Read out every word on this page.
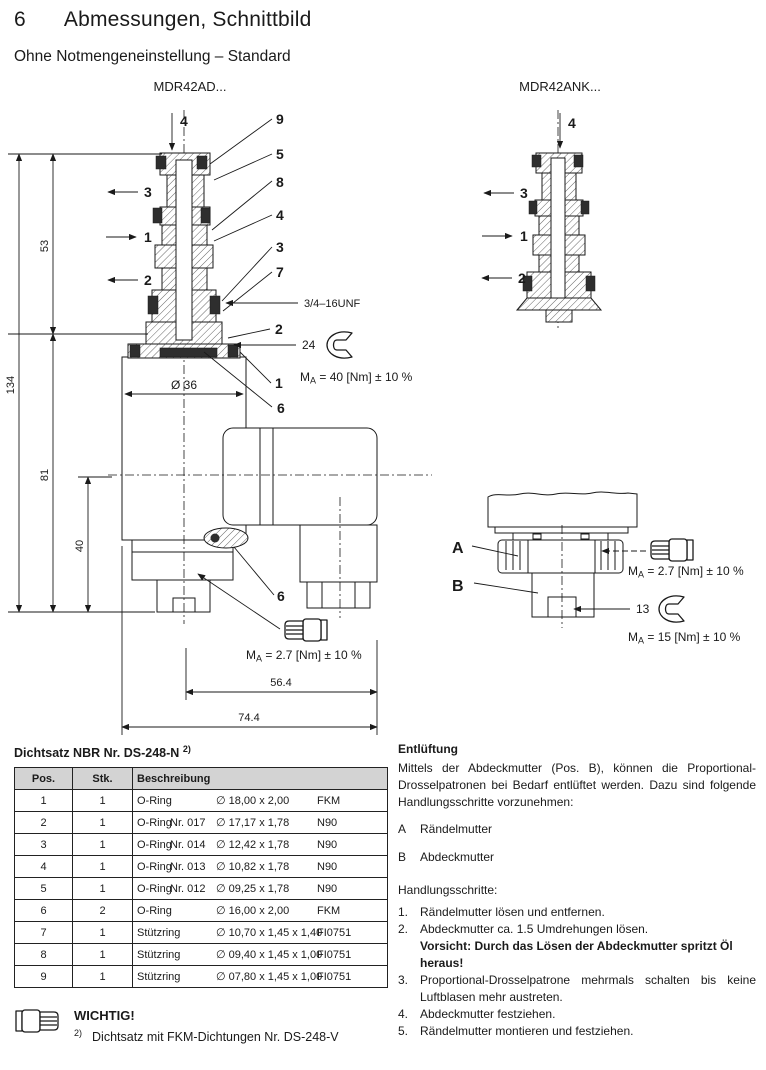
6 Abmessungen, Schnittbild
Ohne Notmengeneinstellung – Standard
MDR42AD...	MDR42ANK...
134
53
81
40
Ø 36
56.4
74.4
4
3
1
2
9
5
8
4
3
7
2
1
6
6
3/4–16UNF
24
$M_A = 40$ [Nm] ± 10 %
$M_A = 2.7$ [Nm] ± 10 %
4
3
1
2
A
B
$M_A = 2.7$ [Nm] ± 10 %
13
$M_A = 15$ [Nm] ± 10 %
Dichtsatz NBR Nr. DS-248-N $^{2)}$
Pos.	Stk.	Beschreibung
1	1	O-Ring ∅ 18,00 x 2,00 FKM
2	1	O-RingNr. 017 ∅ 17,17 x 1,78 N90
3	1	O-RingNr. 014 ∅ 12,42 x 1,78 N90
4	1	O-RingNr. 013 ∅ 10,82 x 1,78 N90
5	1	O-RingNr. 012 ∅ 09,25 x 1,78 N90
6	2	O-Ring ∅ 16,00 x 2,00 FKM
7	1	Stützring ∅ 10,70 x 1,45 x 1,40FI0751
8	1	Stützring ∅ 09,40 x 1,45 x 1,00FI0751
9	1	Stützring ∅ 07,80 x 1,45 x 1,00FI0751
WICHTIG!
$^{2)}$ Dichtsatz mit FKM-Dichtungen Nr. DS-248-V
Entlüftung

Mittels der Abdeckmutter (Pos. B), können die Proportional-Drosselpatronen bei Bedarf entlüftet werden. Dazu sind folgende Handlungsschritte vorzunehmen:

A	Rändelmutter
B	Abdeckmutter
Handlungsschritte:
1. Rändelmutter lösen und entfernen.
2. Abdeckmutter ca. 1.5 Umdrehungen lösen.
Vorsicht: Durch das Lösen der Abdeckmutter spritzt Öl heraus!
3. Proportional-Drosselpatrone mehrmals schalten bis keine Luftblasen mehr austreten.
4. Abdeckmutter festziehen.
5. Rändelmutter montieren und festziehen.
